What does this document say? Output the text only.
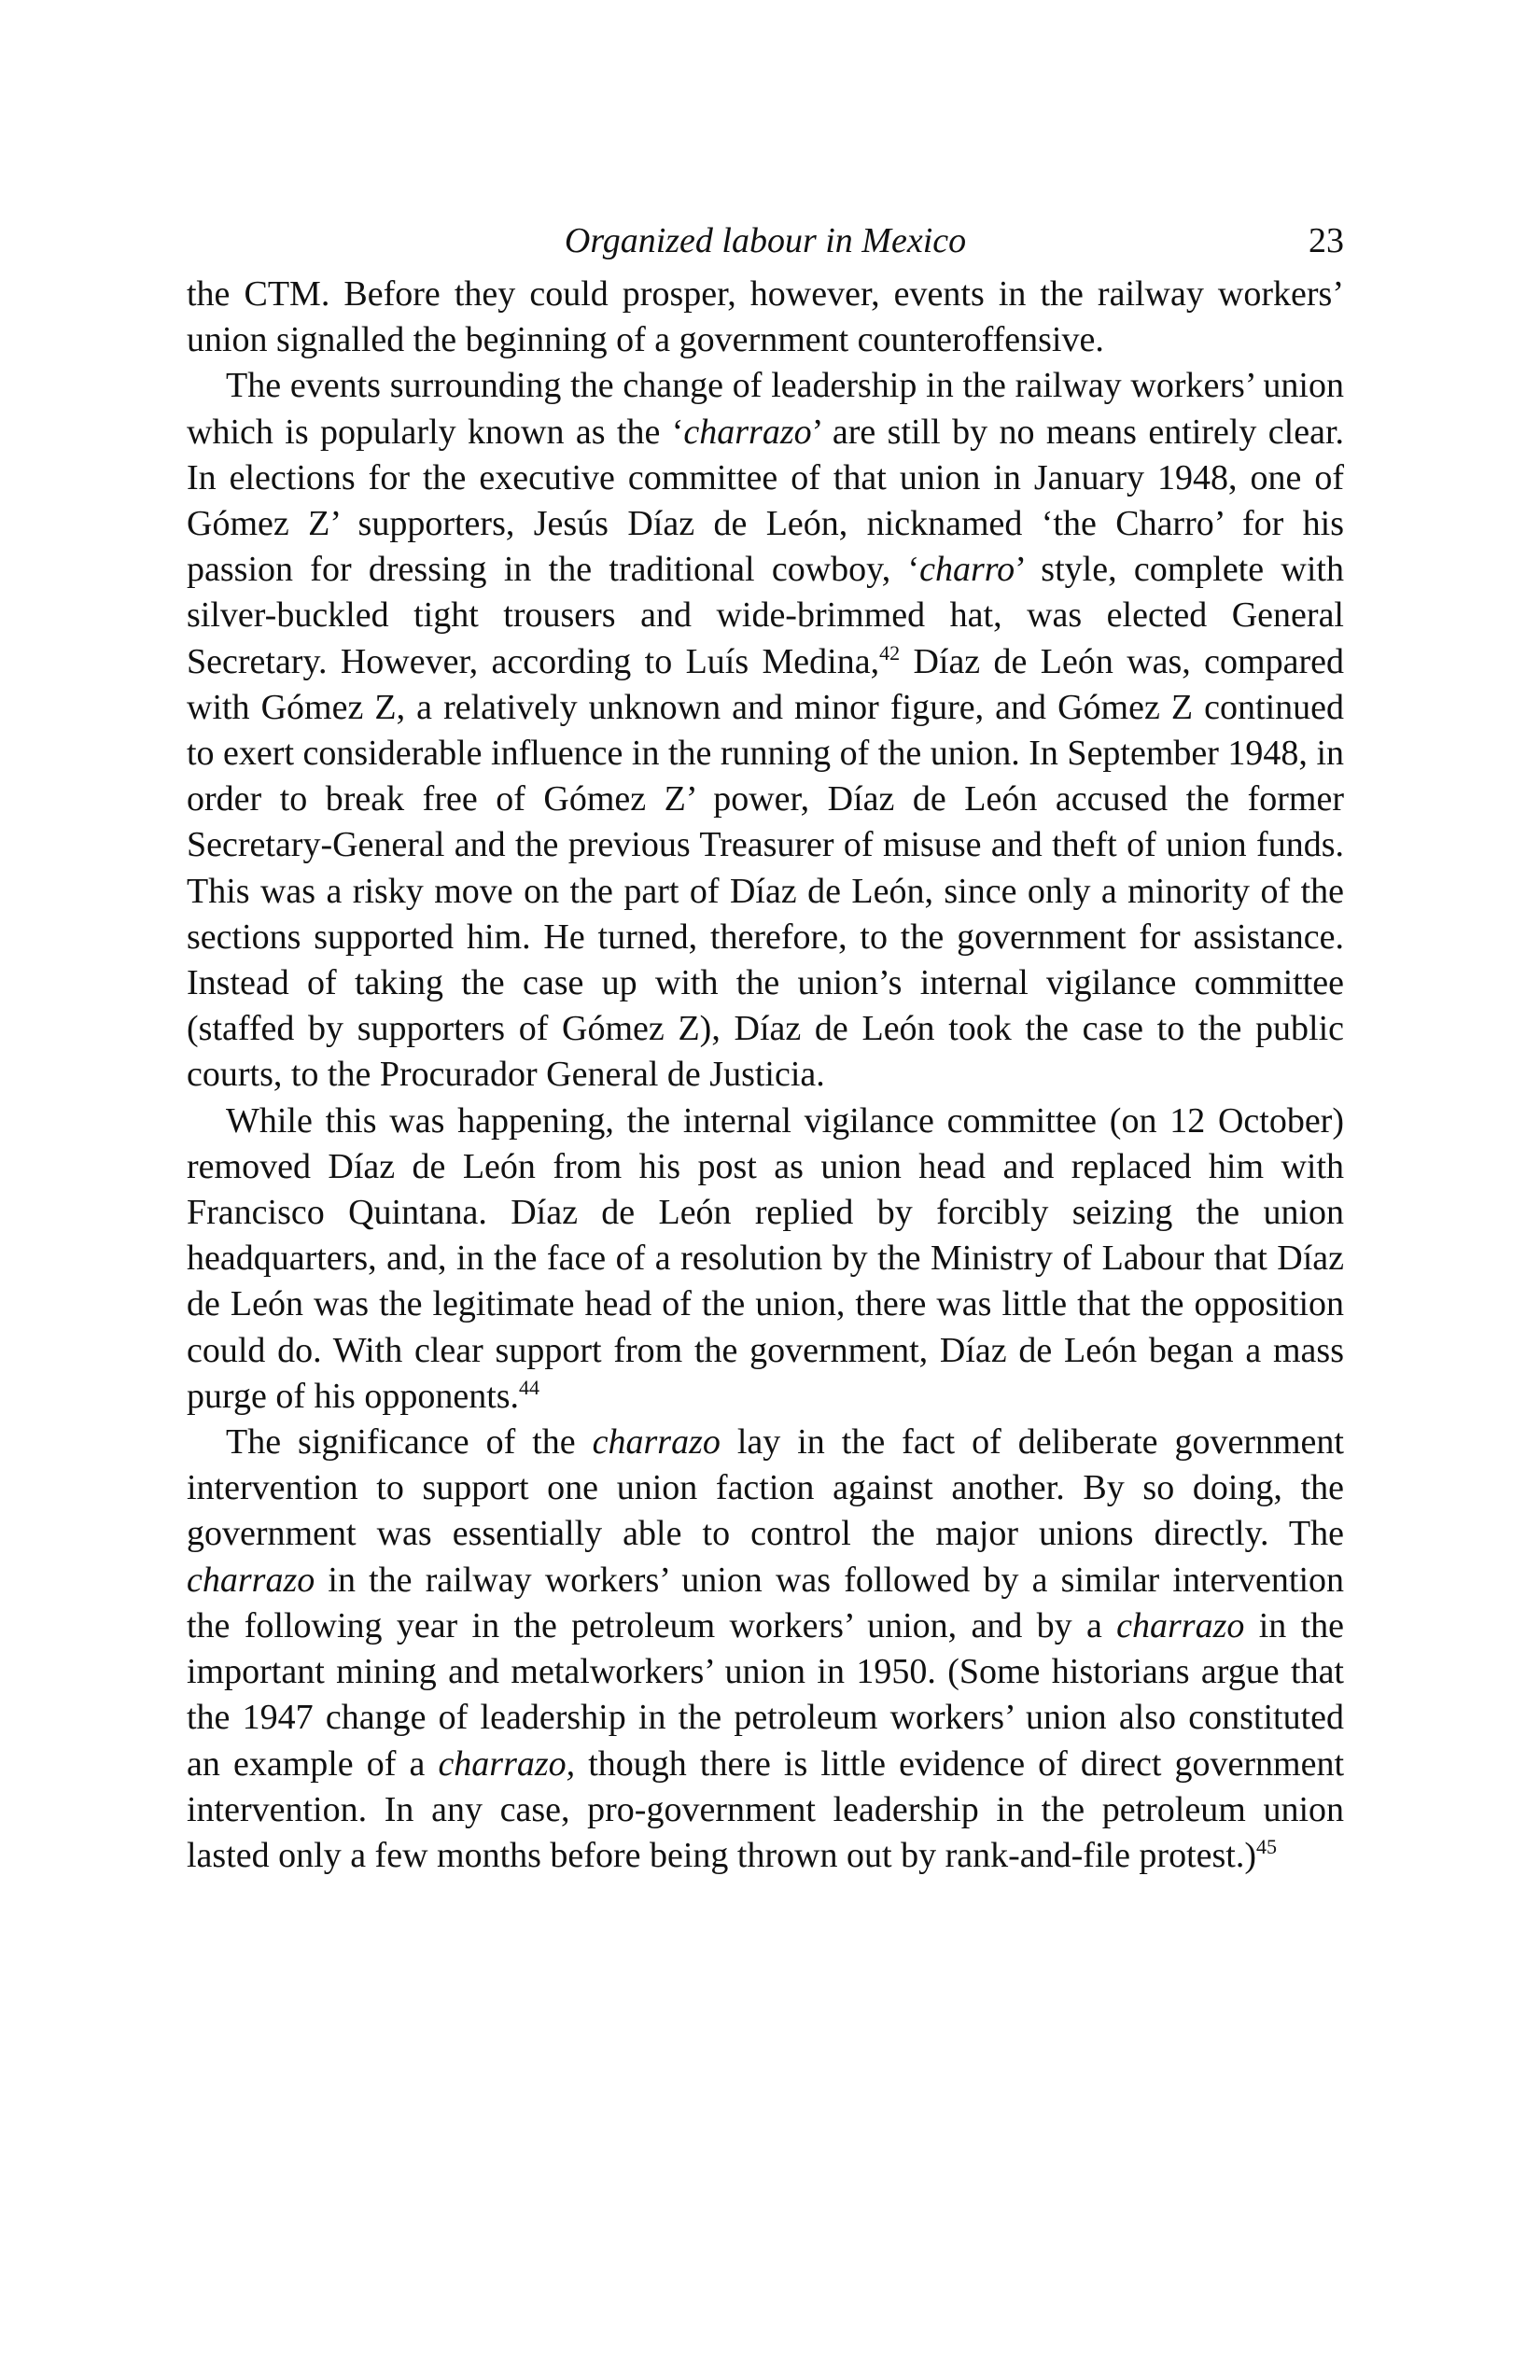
Organized labour in Mexico	23

the CTM. Before they could prosper, however, events in the railway workers’ union signalled the beginning of a government counteroffensive.

The events surrounding the change of leadership in the railway workers’ union which is popularly known as the ‘charrazo’ are still by no means entirely clear. In elections for the executive committee of that union in January 1948, one of Gómez Z’ supporters, Jesús Díaz de León, nicknamed ‘the Charro’ for his passion for dressing in the traditional cowboy, ‘charro’ style, complete with silver-buckled tight trousers and wide-brimmed hat, was elected General Secretary. However, according to Luís Medina,$^{42}$ Díaz de León was, compared with Gómez Z, a relatively unknown and minor figure, and Gómez Z continued to exert considerable influence in the running of the union. In September 1948, in order to break free of Gómez Z’ power, Díaz de León accused the former Secretary-General and the previous Treasurer of misuse and theft of union funds. This was a risky move on the part of Díaz de León, since only a minority of the sections supported him. He turned, therefore, to the government for assistance. Instead of taking the case up with the union’s internal vigilance committee (staffed by supporters of Gómez Z), Díaz de León took the case to the public courts, to the Procurador General de Justicia.

While this was happening, the internal vigilance committee (on 12 October) removed Díaz de León from his post as union head and replaced him with Francisco Quintana. Díaz de León replied by forcibly seizing the union headquarters, and, in the face of a resolution by the Ministry of Labour that Díaz de León was the legitimate head of the union, there was little that the opposition could do. With clear support from the government, Díaz de León began a mass purge of his opponents.$^{44}$

The significance of the charrazo lay in the fact of deliberate government intervention to support one union faction against another. By so doing, the government was essentially able to control the major unions directly. The charrazo in the railway workers’ union was followed by a similar intervention the following year in the petroleum workers’ union, and by a charrazo in the important mining and metalworkers’ union in 1950. (Some historians argue that the 1947 change of leadership in the petroleum workers’ union also constituted an example of a charrazo, though there is little evidence of direct government intervention. In any case, pro-government leadership in the petroleum union lasted only a few months before being thrown out by rank-and-file protest.)$^{45}$
